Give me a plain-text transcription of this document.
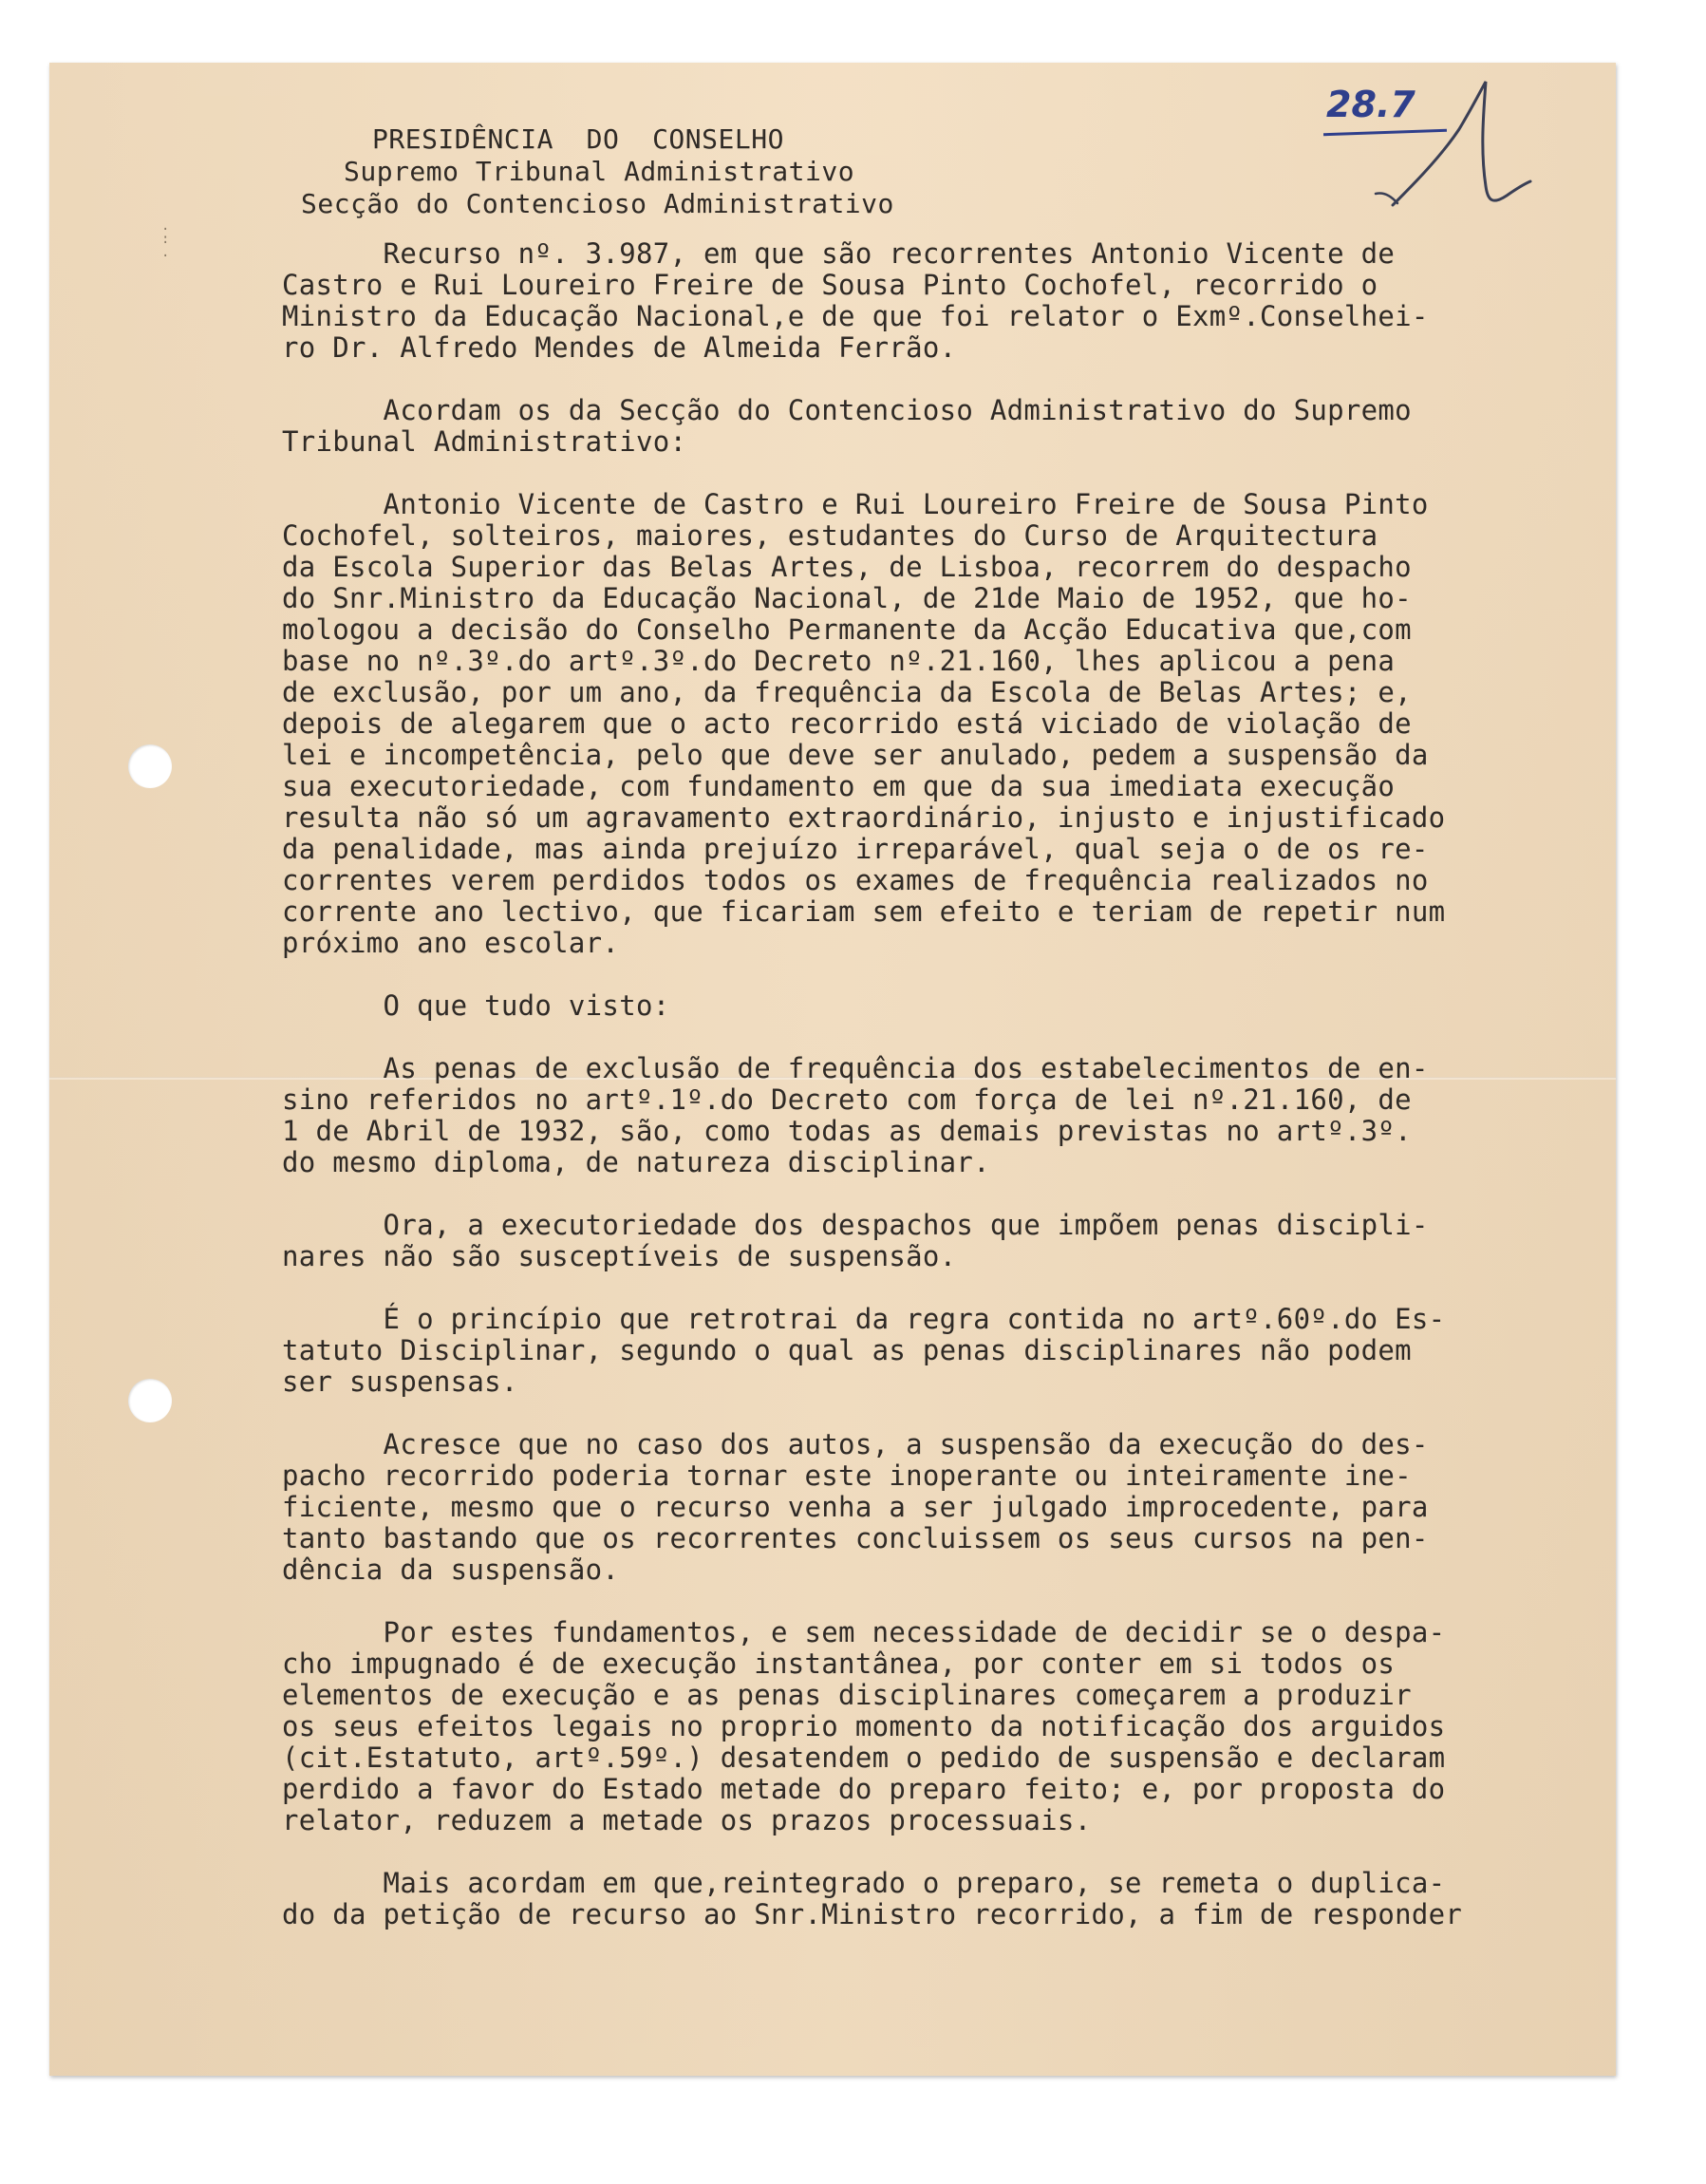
.
:
.
28.7
PRESIDÊNCIA  DO  CONSELHO
Supremo Tribunal Administrativo
Secção do Contencioso Administrativo
Recurso nº. 3.987, em que são recorrentes Antonio Vicente de
Castro e Rui Loureiro Freire de Sousa Pinto Cochofel, recorrido o
Ministro da Educação Nacional,e de que foi relator o Exmº.Conselhei-
ro Dr. Alfredo Mendes de Almeida Ferrão.
Acordam os da Secção do Contencioso Administrativo do Supremo
Tribunal Administrativo:
Antonio Vicente de Castro e Rui Loureiro Freire de Sousa Pinto
Cochofel, solteiros, maiores, estudantes do Curso de Arquitectura
da Escola Superior das Belas Artes, de Lisboa, recorrem do despacho
do Snr.Ministro da Educação Nacional, de 21de Maio de 1952, que ho-
mologou a decisão do Conselho Permanente da Acção Educativa que,com
base no nº.3º.do artº.3º.do Decreto nº.21.160, lhes aplicou a pena
de exclusão, por um ano, da frequência da Escola de Belas Artes; e,
depois de alegarem que o acto recorrido está viciado de violação de
lei e incompetência, pelo que deve ser anulado, pedem a suspensão da
sua executoriedade, com fundamento em que da sua imediata execução
resulta não só um agravamento extraordinário, injusto e injustificado
da penalidade, mas ainda prejuízo irreparável, qual seja o de os re-
correntes verem perdidos todos os exames de frequência realizados no
corrente ano lectivo, que ficariam sem efeito e teriam de repetir num
próximo ano escolar.
O que tudo visto:
As penas de exclusão de frequência dos estabelecimentos de en-
sino referidos no artº.1º.do Decreto com força de lei nº.21.160, de
1 de Abril de 1932, são, como todas as demais previstas no artº.3º.
do mesmo diploma, de natureza disciplinar.
Ora, a executoriedade dos despachos que impõem penas discipli-
nares não são susceptíveis de suspensão.
É o princípio que retrotrai da regra contida no artº.60º.do Es-
tatuto Disciplinar, segundo o qual as penas disciplinares não podem
ser suspensas.
Acresce que no caso dos autos, a suspensão da execução do des-
pacho recorrido poderia tornar este inoperante ou inteiramente ine-
ficiente, mesmo que o recurso venha a ser julgado improcedente, para
tanto bastando que os recorrentes concluissem os seus cursos na pen-
dência da suspensão.
Por estes fundamentos, e sem necessidade de decidir se o despa-
cho impugnado é de execução instantânea, por conter em si todos os
elementos de execução e as penas disciplinares começarem a produzir
os seus efeitos legais no proprio momento da notificação dos arguidos
(cit.Estatuto, artº.59º.) desatendem o pedido de suspensão e declaram
perdido a favor do Estado metade do preparo feito; e, por proposta do
relator, reduzem a metade os prazos processuais.
Mais acordam em que,reintegrado o preparo, se remeta o duplica-
do da petição de recurso ao Snr.Ministro recorrido, a fim de responder
